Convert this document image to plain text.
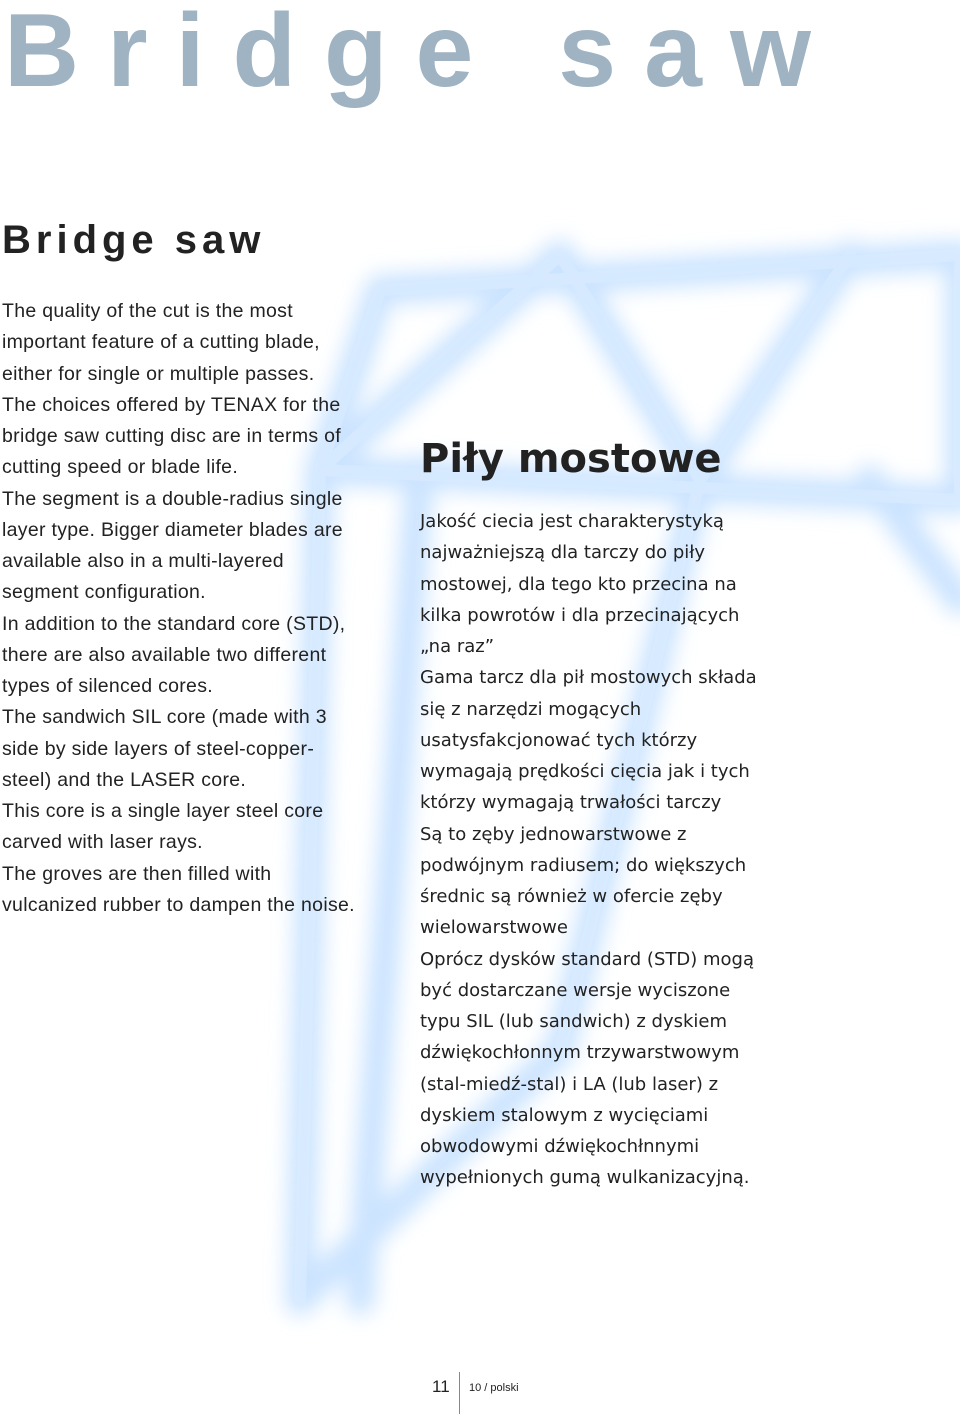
Bridge saw
Bridge saw
The quality of the cut is the most
important feature of a cutting blade,
either for single or multiple passes.
The choices offered by TENAX for the
bridge saw cutting disc are in terms of
cutting speed or blade life.
The segment is a double-radius single
layer type. Bigger diameter blades are
available also in a multi-layered
segment configuration.
In addition to the standard core (STD),
there are also available two different
types of silenced cores.
The sandwich SIL core (made with 3
side by side layers of steel-copper-
steel) and the LASER core.
This core is a single layer steel core
carved with laser rays.
The groves are then filled with
vulcanized rubber to dampen the noise.
Piły mostowe
Jakość ciecia jest charakterystyką
najważniejszą dla tarczy do piły
mostowej, dla tego kto przecina na
kilka powrotów i dla przecinających
„na raz”
Gama tarcz dla pił mostowych składa
się z narzędzi mogących
usatysfakcjonować tych którzy
wymagają prędkości cięcia jak i tych
którzy wymagają trwałości tarczy
Są to zęby jednowarstwowe z
podwójnym radiusem; do większych
średnic są również w ofercie zęby
wielowarstwowe
Oprócz dysków standard (STD) mogą
być dostarczane wersje wyciszone
typu SIL (lub sandwich) z dyskiem
dźwiękochłonnym trzywarstwowym
(stal-miedź-stal) i LA (lub laser) z
dyskiem stalowym z wycięciami
obwodowymi dźwiękochłnnymi
wypełnionych gumą wulkanizacyjną.
11 10 / polski
